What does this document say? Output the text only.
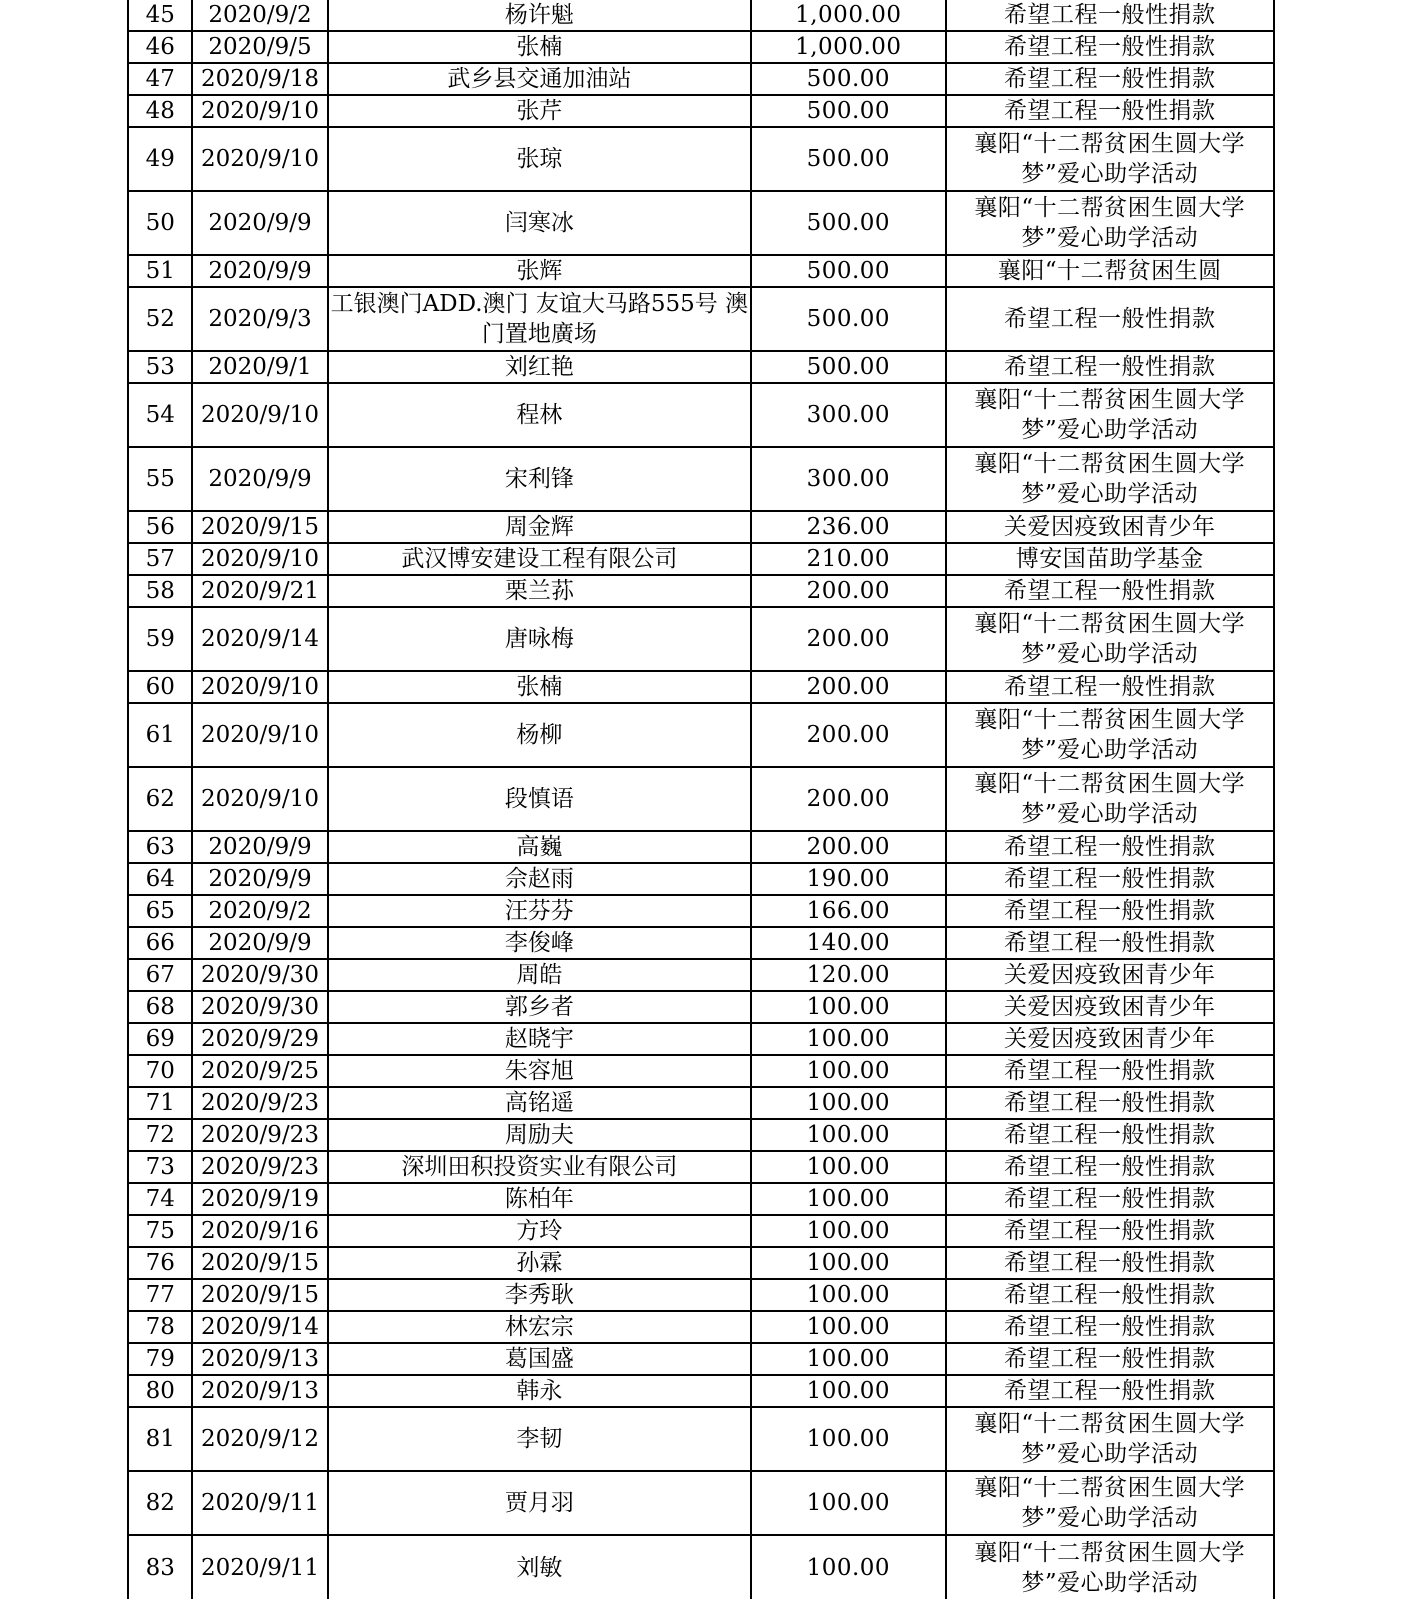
45	2020/9/2	杨许魁	1,000.00	希望工程一般性捐款
46	2020/9/5	张楠	1,000.00	希望工程一般性捐款
47	2020/9/18	武乡县交通加油站	500.00	希望工程一般性捐款
48	2020/9/10	张芹	500.00	希望工程一般性捐款
49	2020/9/10	张琼	500.00	襄阳“十二帮贫困生圆大学梦”爱心助学活动
50	2020/9/9	闫寒冰	500.00	襄阳“十二帮贫困生圆大学梦”爱心助学活动
51	2020/9/9	张辉	500.00	襄阳“十二帮贫困生圆
52	2020/9/3	工银澳门ADD.澳门 友谊大马路555号 澳门置地廣场	500.00	希望工程一般性捐款
53	2020/9/1	刘红艳	500.00	希望工程一般性捐款
54	2020/9/10	程林	300.00	襄阳“十二帮贫困生圆大学梦”爱心助学活动
55	2020/9/9	宋利锋	300.00	襄阳“十二帮贫困生圆大学梦”爱心助学活动
56	2020/9/15	周金辉	236.00	关爱因疫致困青少年
57	2020/9/10	武汉博安建设工程有限公司	210.00	博安国苗助学基金
58	2020/9/21	栗兰荪	200.00	希望工程一般性捐款
59	2020/9/14	唐咏梅	200.00	襄阳“十二帮贫困生圆大学梦”爱心助学活动
60	2020/9/10	张楠	200.00	希望工程一般性捐款
61	2020/9/10	杨柳	200.00	襄阳“十二帮贫困生圆大学梦”爱心助学活动
62	2020/9/10	段慎语	200.00	襄阳“十二帮贫困生圆大学梦”爱心助学活动
63	2020/9/9	高巍	200.00	希望工程一般性捐款
64	2020/9/9	佘赵雨	190.00	希望工程一般性捐款
65	2020/9/2	汪芬芬	166.00	希望工程一般性捐款
66	2020/9/9	李俊峰	140.00	希望工程一般性捐款
67	2020/9/30	周皓	120.00	关爱因疫致困青少年
68	2020/9/30	郭乡者	100.00	关爱因疫致困青少年
69	2020/9/29	赵晓宇	100.00	关爱因疫致困青少年
70	2020/9/25	朱容旭	100.00	希望工程一般性捐款
71	2020/9/23	高铭遥	100.00	希望工程一般性捐款
72	2020/9/23	周励夫	100.00	希望工程一般性捐款
73	2020/9/23	深圳田积投资实业有限公司	100.00	希望工程一般性捐款
74	2020/9/19	陈柏年	100.00	希望工程一般性捐款
75	2020/9/16	方玲	100.00	希望工程一般性捐款
76	2020/9/15	孙霖	100.00	希望工程一般性捐款
77	2020/9/15	李秀耿	100.00	希望工程一般性捐款
78	2020/9/14	林宏宗	100.00	希望工程一般性捐款
79	2020/9/13	葛国盛	100.00	希望工程一般性捐款
80	2020/9/13	韩永	100.00	希望工程一般性捐款
81	2020/9/12	李韧	100.00	襄阳“十二帮贫困生圆大学梦”爱心助学活动
82	2020/9/11	贾月羽	100.00	襄阳“十二帮贫困生圆大学梦”爱心助学活动
83	2020/9/11	刘敏	100.00	襄阳“十二帮贫困生圆大学梦”爱心助学活动
